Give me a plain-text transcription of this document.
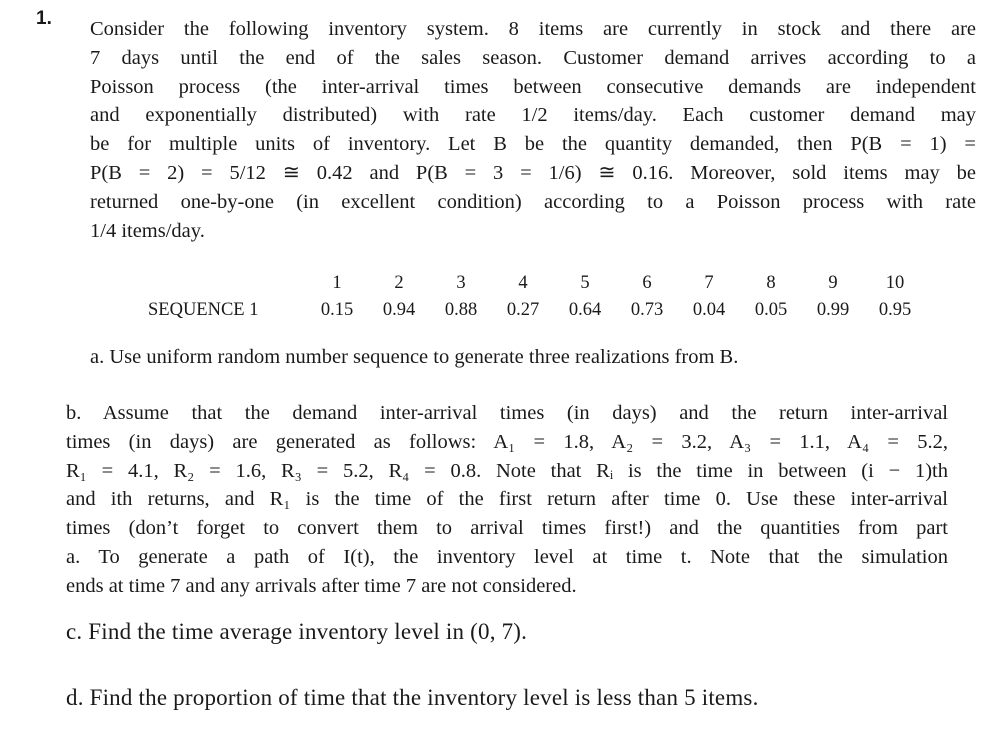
1. Consider the following inventory system. 8 items are currently in stock and there are
7 days until the end of the sales season. Customer demand arrives according to a
Poisson process (the inter-arrival times between consecutive demands are independent
and exponentially distributed) with rate 1/2 items/day. Each customer demand may
be for multiple units of inventory. Let B be the quantity demanded, then P(B = 1) =
P(B = 2) = 5/12 ≅ 0.42 and P(B = 3 = 1/6) ≅ 0.16. Moreover, sold items may be
returned one-by-one (in excellent condition) according to a Poisson process with rate
1/4 items/day.
	1	2	3	4	5	6	7	8	9	10
SEQUENCE 1	0.15	0.94	0.88	0.27	0.64	0.73	0.04	0.05	0.99	0.95
a. Use uniform random number sequence to generate three realizations from B.
b. Assume that the demand inter-arrival times (in days) and the return inter-arrival
times (in days) are generated as follows: A₁ = 1.8, A₂ = 3.2, A₃ = 1.1, A₄ = 5.2,
R₁ = 4.1, R₂ = 1.6, R₃ = 5.2, R₄ = 0.8. Note that Rᵢ is the time in between (i − 1)th
and ith returns, and R₁ is the time of the first return after time 0. Use these inter-arrival
times (don’t forget to convert them to arrival times first!) and the quantities from part
a. To generate a path of I(t), the inventory level at time t. Note that the simulation
ends at time 7 and any arrivals after time 7 are not considered.
c. Find the time average inventory level in (0, 7).
d. Find the proportion of time that the inventory level is less than 5 items.
